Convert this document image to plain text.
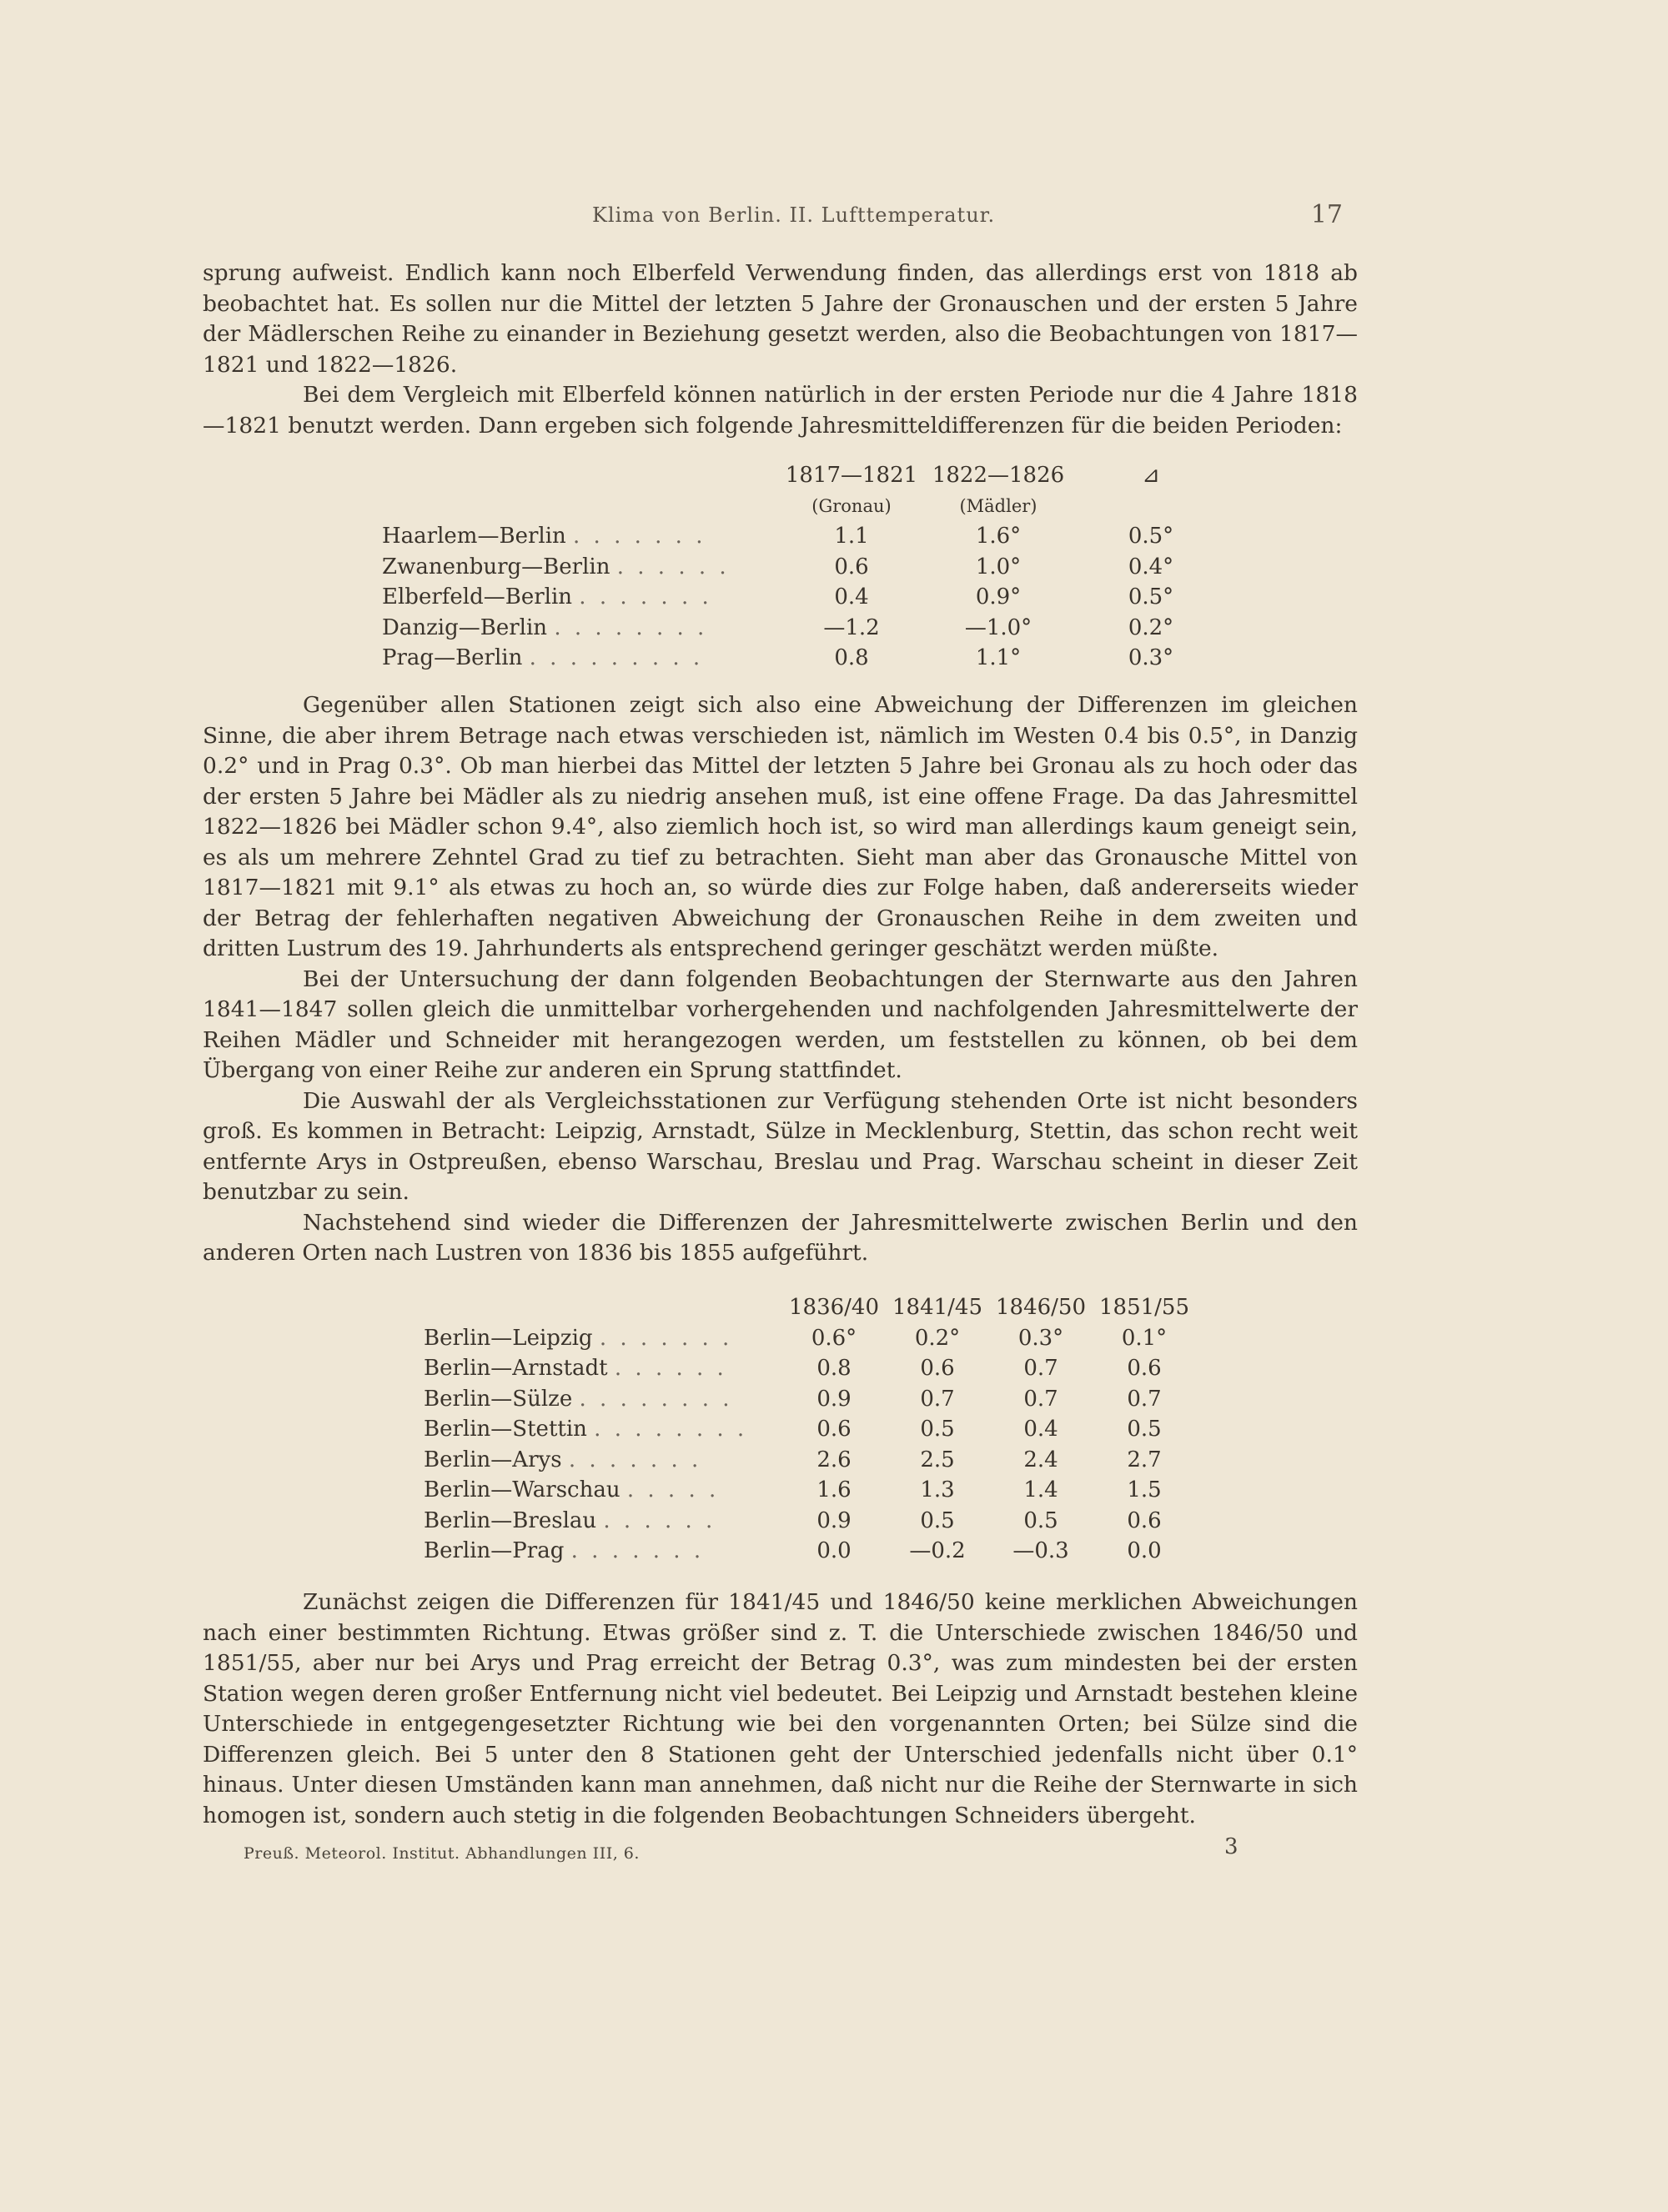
Klima von Berlin. II. Lufttemperatur.	17

sprung aufweist. Endlich kann noch Elberfeld Verwendung finden, das allerdings erst von 1818 ab beobachtet hat. Es sollen nur die Mittel der letzten 5 Jahre der Gronauschen und der ersten 5 Jahre der Mädlerschen Reihe zu einander in Beziehung gesetzt werden, also die Beobachtungen von 1817—1821 und 1822—1826.

Bei dem Vergleich mit Elberfeld können natürlich in der ersten Periode nur die 4 Jahre 1818—1821 benutzt werden. Dann ergeben sich folgende Jahresmitteldifferenzen für die beiden Perioden:

	1817—1821	1822—1826	⊿
	(Gronau)	(Mädler)	
Haarlem—Berlin . . . . . . .	1.1	1.6°	0.5°
Zwanenburg—Berlin . . . . . .	0.6	1.0°	0.4°
Elberfeld—Berlin . . . . . . .	0.4	0.9°	0.5°
Danzig—Berlin . . . . . . . .	—1.2	—1.0°	0.2°
Prag—Berlin . . . . . . . . .	0.8	1.1°	0.3°

Gegenüber allen Stationen zeigt sich also eine Abweichung der Differenzen im gleichen Sinne, die aber ihrem Betrage nach etwas verschieden ist, nämlich im Westen 0.4 bis 0.5°, in Danzig 0.2° und in Prag 0.3°. Ob man hierbei das Mittel der letzten 5 Jahre bei Gronau als zu hoch oder das der ersten 5 Jahre bei Mädler als zu niedrig ansehen muß, ist eine offene Frage. Da das Jahresmittel 1822—1826 bei Mädler schon 9.4°, also ziemlich hoch ist, so wird man allerdings kaum geneigt sein, es als um mehrere Zehntel Grad zu tief zu betrachten. Sieht man aber das Gronausche Mittel von 1817—1821 mit 9.1° als etwas zu hoch an, so würde dies zur Folge haben, daß andererseits wieder der Betrag der fehlerhaften negativen Abweichung der Gronauschen Reihe in dem zweiten und dritten Lustrum des 19. Jahrhunderts als entsprechend geringer geschätzt werden müßte.

Bei der Untersuchung der dann folgenden Beobachtungen der Sternwarte aus den Jahren 1841—1847 sollen gleich die unmittelbar vorhergehenden und nachfolgenden Jahresmittelwerte der Reihen Mädler und Schneider mit herangezogen werden, um feststellen zu können, ob bei dem Übergang von einer Reihe zur anderen ein Sprung stattfindet.

Die Auswahl der als Vergleichsstationen zur Verfügung stehenden Orte ist nicht besonders groß. Es kommen in Betracht: Leipzig, Arnstadt, Sülze in Mecklenburg, Stettin, das schon recht weit entfernte Arys in Ostpreußen, ebenso Warschau, Breslau und Prag. Warschau scheint in dieser Zeit benutzbar zu sein.

Nachstehend sind wieder die Differenzen der Jahresmittelwerte zwischen Berlin und den anderen Orten nach Lustren von 1836 bis 1855 aufgeführt.

	1836/40	1841/45	1846/50	1851/55
Berlin—Leipzig . . . . . . .	0.6°	0.2°	0.3°	0.1°
Berlin—Arnstadt . . . . . .	0.8	0.6	0.7	0.6
Berlin—Sülze . . . . . . . .	0.9	0.7	0.7	0.7
Berlin—Stettin . . . . . . . .	0.6	0.5	0.4	0.5
Berlin—Arys . . . . . . .	2.6	2.5	2.4	2.7
Berlin—Warschau . . . . .	1.6	1.3	1.4	1.5
Berlin—Breslau . . . . . .	0.9	0.5	0.5	0.6
Berlin—Prag . . . . . . .	0.0	—0.2	—0.3	0.0

Zunächst zeigen die Differenzen für 1841/45 und 1846/50 keine merklichen Abweichungen nach einer bestimmten Richtung. Etwas größer sind z. T. die Unterschiede zwischen 1846/50 und 1851/55, aber nur bei Arys und Prag erreicht der Betrag 0.3°, was zum mindesten bei der ersten Station wegen deren großer Entfernung nicht viel bedeutet. Bei Leipzig und Arnstadt bestehen kleine Unterschiede in entgegengesetzter Richtung wie bei den vorgenannten Orten; bei Sülze sind die Differenzen gleich. Bei 5 unter den 8 Stationen geht der Unterschied jedenfalls nicht über 0.1° hinaus. Unter diesen Umständen kann man annehmen, daß nicht nur die Reihe der Sternwarte in sich homogen ist, sondern auch stetig in die folgenden Beobachtungen Schneiders übergeht.

Preuß. Meteorol. Institut. Abhandlungen III, 6.	3
